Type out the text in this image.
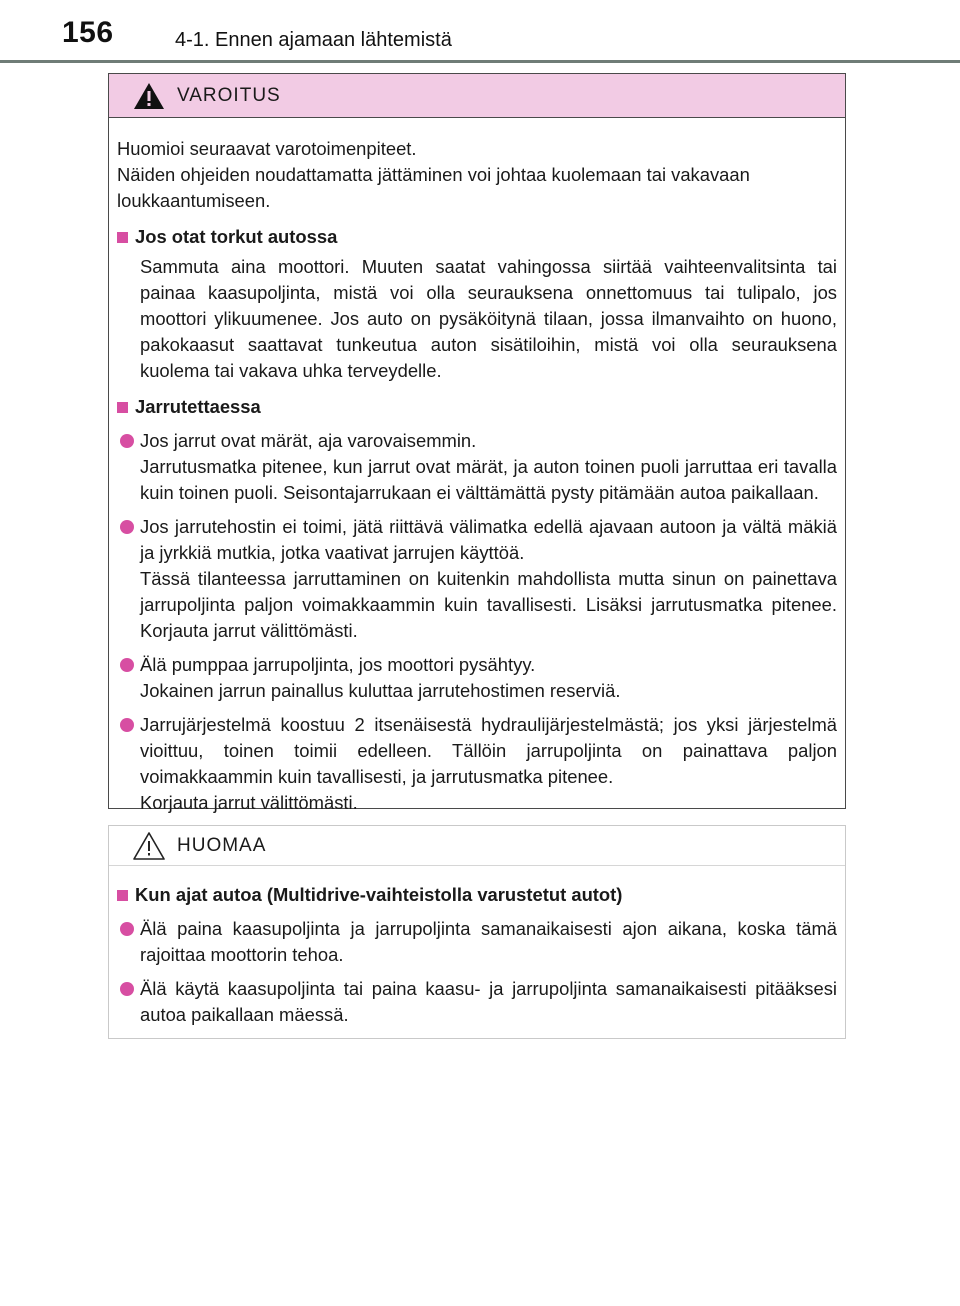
156	4-1. Ennen ajamaan lähtemistä
VAROITUS

Huomioi seuraavat varotoimenpiteet.

Näiden ohjeiden noudattamatta jättäminen voi johtaa kuolemaan tai vakavaan loukkaantumiseen.

Jos otat torkut autossa

Sammuta aina moottori. Muuten saatat vahingossa siirtää vaihteenvalitsinta tai painaa kaasupoljinta, mistä voi olla seurauksena onnettomuus tai tulipalo, jos moottori ylikuumenee. Jos auto on pysäköitynä tilaan, jossa ilmanvaihto on huono, pakokaasut saattavat tunkeutua auton sisätiloihin, mistä voi olla seurauksena kuolema tai vakava uhka terveydelle.

Jarrutettaessa

Jos jarrut ovat märät, aja varovaisemmin.

Jarrutusmatka pitenee, kun jarrut ovat märät, ja auton toinen puoli jarruttaa eri tavalla kuin toinen puoli. Seisontajarrukaan ei välttämättä pysty pitämään autoa paikallaan.

Jos jarrutehostin ei toimi, jätä riittävä välimatka edellä ajavaan autoon ja vältä mäkiä ja jyrkkiä mutkia, jotka vaativat jarrujen käyttöä.

Tässä tilanteessa jarruttaminen on kuitenkin mahdollista mutta sinun on painettava jarrupoljinta paljon voimakkaammin kuin tavallisesti. Lisäksi jarrutusmatka pitenee. Korjauta jarrut välittömästi.

Älä pumppaa jarrupoljinta, jos moottori pysähtyy.

Jokainen jarrun painallus kuluttaa jarrutehostimen reserviä.

Jarrujärjestelmä koostuu 2 itsenäisestä hydraulijärjestelmästä; jos yksi järjestelmä vioittuu, toinen toimii edelleen. Tällöin jarrupoljinta on painattava paljon voimakkaammin kuin tavallisesti, ja jarrutusmatka pitenee.

Korjauta jarrut välittömästi.

HUOMAA
Kun ajat autoa (Multidrive-vaihteistolla varustetut autot)

Älä paina kaasupoljinta ja jarrupoljinta samanaikaisesti ajon aikana, koska tämä rajoittaa moottorin tehoa.

Älä käytä kaasupoljinta tai paina kaasu- ja jarrupoljinta samanaikaisesti pitääksesi autoa paikallaan mäessä.
